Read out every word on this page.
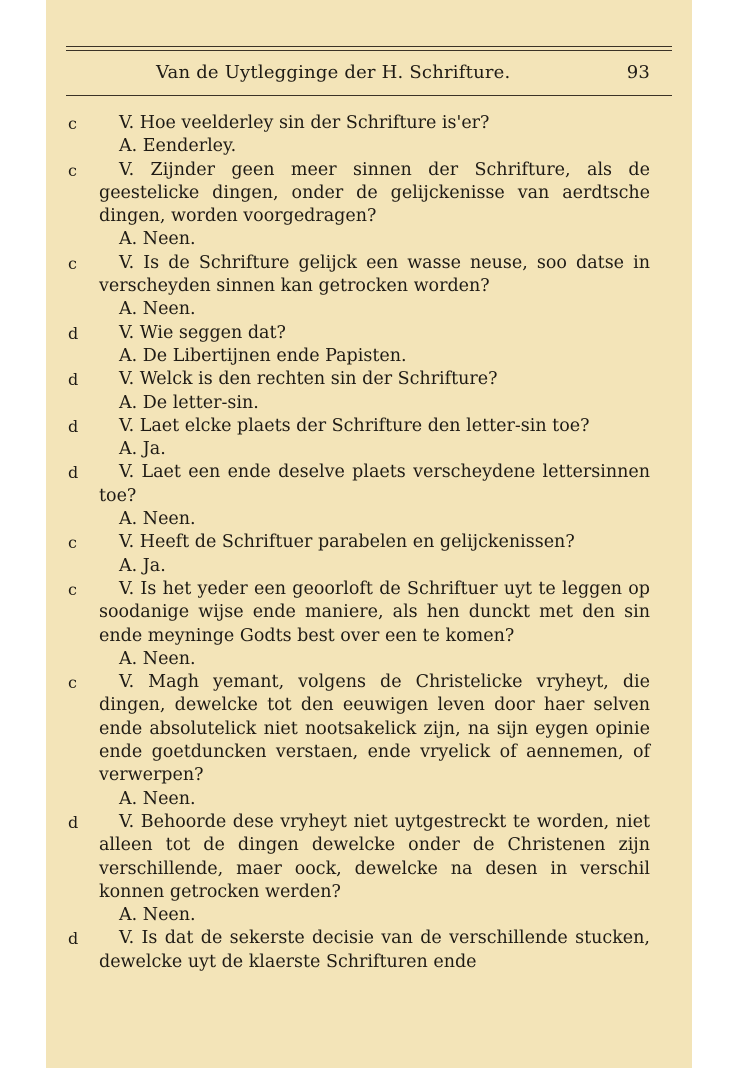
Van de Uytlegginge der H. Schrifture.	93
c	V. Hoe veelderley sin der Schrifture is'er?
A. Eenderley.
c	V. Zijnder geen meer sinnen der Schrifture, als de geestelicke dingen, onder de gelijckenisse van aerdtsche dingen, worden voorgedragen?
A. Neen.
c	V. Is de Schrifture gelijck een wasse neuse, soo datse in verscheyden sinnen kan getrocken worden?
A. Neen.
d	V. Wie seggen dat?
A. De Libertijnen ende Papisten.
d	V. Welck is den rechten sin der Schrifture?
A. De letter-sin.
d	V. Laet elcke plaets der Schrifture den letter-sin toe?
A. Ja.
d	V. Laet een ende deselve plaets verscheydene lettersinnen toe?
A. Neen.
c	V. Heeft de Schriftuer parabelen en gelijckenissen?
A. Ja.
c	V. Is het yeder een geoorloft de Schriftuer uyt te leggen op soodanige wijse ende maniere, als hen dunckt met den sin ende meyninge Godts best over een te komen?
A. Neen.
c	V. Magh yemant, volgens de Christelicke vryheyt, die dingen, dewelcke tot den eeuwigen leven door haer selven ende absolutelick niet nootsakelick zijn, na sijn eygen opinie ende goetduncken verstaen, ende vryelick of aennemen, of verwerpen?
A. Neen.
d	V. Behoorde dese vryheyt niet uytgestreckt te worden, niet alleen tot de dingen dewelcke onder de Christenen zijn verschillende, maer oock, dewelcke na desen in verschil konnen getrocken werden?
A. Neen.
d	V. Is dat de sekerste decisie van de verschillende stucken, dewelcke uyt de klaerste Schrifturen ende
